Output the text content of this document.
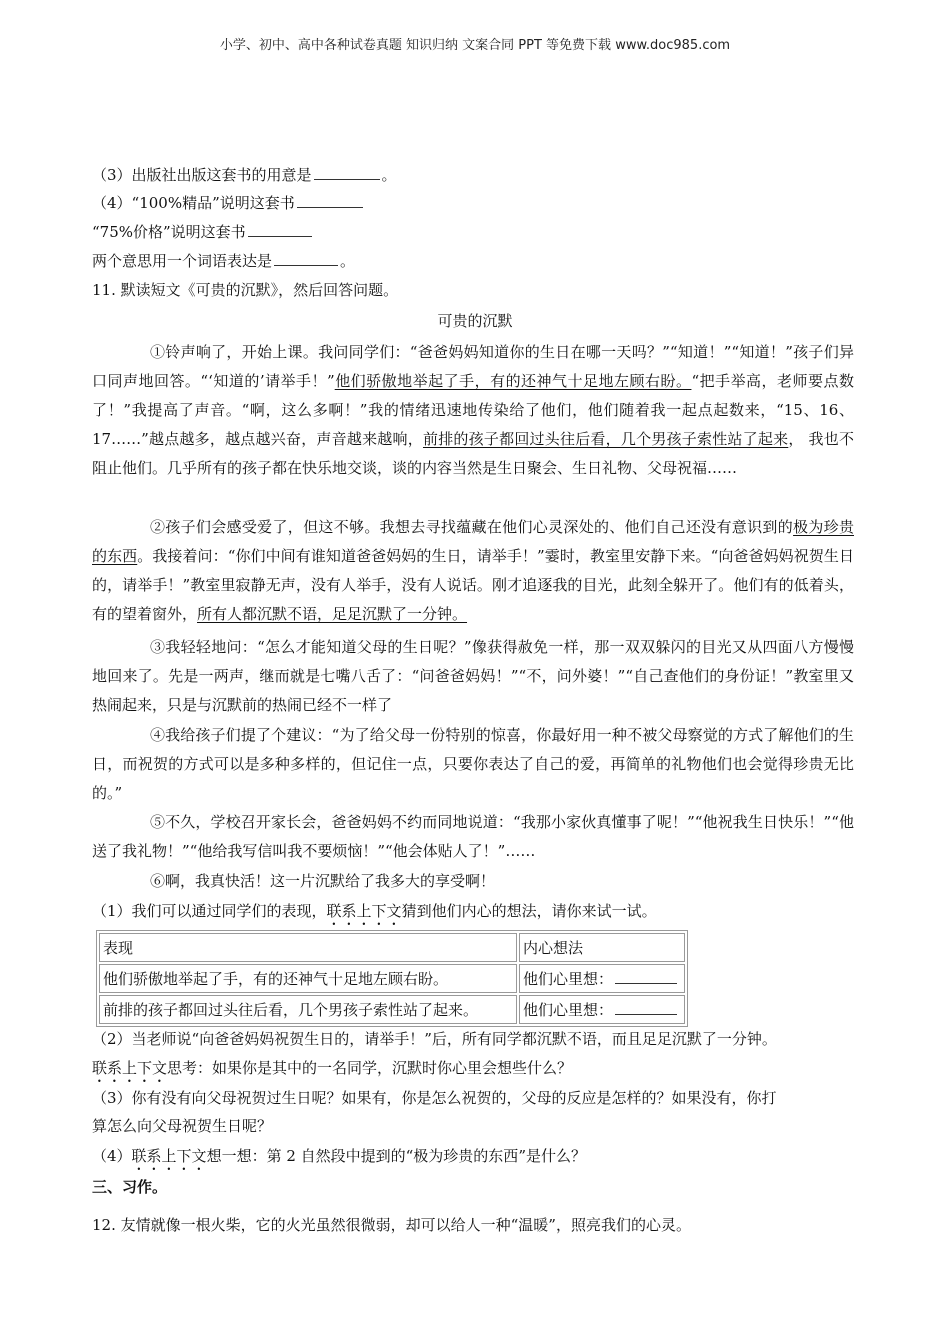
小学、初中、高中各种试卷真题 知识归纳 文案合同 PPT 等免费下载 www.doc985.com
（3）出版社出版这套书的用意是	。
（4）“100%精品”说明这套书
“75%价格”说明这套书
两个意思用一个词语表达是	。
11. 默读短文《可贵的沉默》，然后回答问题。
可贵的沉默
①铃声响了，开始上课。我问同学们：“爸爸妈妈知道你的生日在哪一天吗？”“知道！”“知道！”孩子们异口同声地回答。“‘知道的’请举手！”他们骄傲地举起了手，有的还神气十足地左顾右盼。“把手举高，老师要点数了！”我提高了声音。“啊，这么多啊！”我的情绪迅速地传染给了他们，他们随着我一起点起数来，“15、16、17……”越点越多，越点越兴奋，声音越来越响，前排的孩子都回过头往后看，几个男孩子索性站了起来， 我也不阻止他们。几乎所有的孩子都在快乐地交谈，谈的内容当然是生日聚会、生日礼物、父母祝福……
②孩子们会感受爱了，但这不够。我想去寻找蕴藏在他们心灵深处的、他们自己还没有意识到的极为珍贵的东西。我接着问：“你们中间有谁知道爸爸妈妈的生日，请举手！”霎时，教室里安静下来。“向爸爸妈妈祝贺生日的，请举手！”教室里寂静无声，没有人举手，没有人说话。刚才追逐我的目光，此刻全躲开了。他们有的低着头，有的望着窗外，所有人都沉默不语，足足沉默了一分钟。
③我轻轻地问：“怎么才能知道父母的生日呢？”像获得赦免一样，那一双双躲闪的目光又从四面八方慢慢地回来了。先是一两声，继而就是七嘴八舌了：“问爸爸妈妈！”“不，问外婆！”“自己查他们的身份证！”教室里又热闹起来，只是与沉默前的热闹已经不一样了
④我给孩子们提了个建议：“为了给父母一份特别的惊喜，你最好用一种不被父母察觉的方式了解他们的生日，而祝贺的方式可以是多种多样的，但记住一点，只要你表达了自己的爱，再简单的礼物他们也会觉得珍贵无比的。”
⑤不久，学校召开家长会，爸爸妈妈不约而同地说道：“我那小家伙真懂事了呢！”“他祝我生日快乐！”“他送了我礼物！”“他给我写信叫我不要烦恼！”“他会体贴人了！”……
⑥啊，我真快活！这一片沉默给了我多大的享受啊！
（1）我们可以通过同学们的表现，联系上下文猜到他们内心的想法，请你来试一试。
表现	内心想法
他们骄傲地举起了手，有的还神气十足地左顾右盼。	他们心里想：
前排的孩子都回过头往后看，几个男孩子索性站了起来。	他们心里想：
（2）当老师说“向爸爸妈妈祝贺生日的，请举手！”后，所有同学都沉默不语，而且足足沉默了一分钟。
联系上下文思考：如果你是其中的一名同学，沉默时你心里会想些什么？
（3）你有没有向父母祝贺过生日呢？如果有，你是怎么祝贺的，父母的反应是怎样的？如果没有，你打
算怎么向父母祝贺生日呢？
（4）联系上下文想一想：第 2 自然段中提到的“极为珍贵的东西”是什么？
三、习作。
12. 友情就像一根火柴，它的火光虽然很微弱，却可以给人一种“温暖”，照亮我们的心灵。
